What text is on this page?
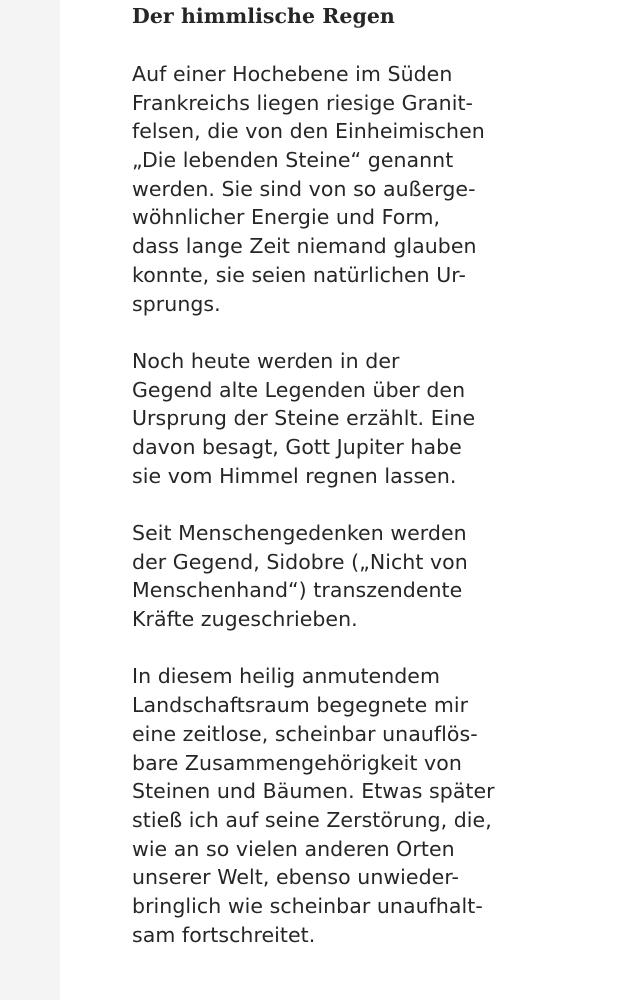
Der himmlische Regen
Auf einer Hochebene im Süden
Frankreichs liegen riesige Granit-
felsen, die von den Einheimischen
„Die lebenden Steine“ genannt
werden. Sie sind von so außerge-
wöhnlicher Energie und Form,
dass lange Zeit niemand glauben
konnte, sie seien natürlichen Ur-
sprungs.
Noch heute werden in der
Gegend alte Legenden über den
Ursprung der Steine erzählt. Eine
davon besagt, Gott Jupiter habe
sie vom Himmel regnen lassen.
Seit Menschengedenken werden
der Gegend, Sidobre („Nicht von
Menschenhand“) transzendente
Kräfte zugeschrieben.
In diesem heilig anmutendem
Landschaftsraum begegnete mir
eine zeitlose, scheinbar unauflös-
bare Zusammengehörigkeit von
Steinen und Bäumen. Etwas später
stieß ich auf seine Zerstörung, die,
wie an so vielen anderen Orten
unserer Welt, ebenso unwieder-
bringlich wie scheinbar unaufhalt-
sam fortschreitet.
